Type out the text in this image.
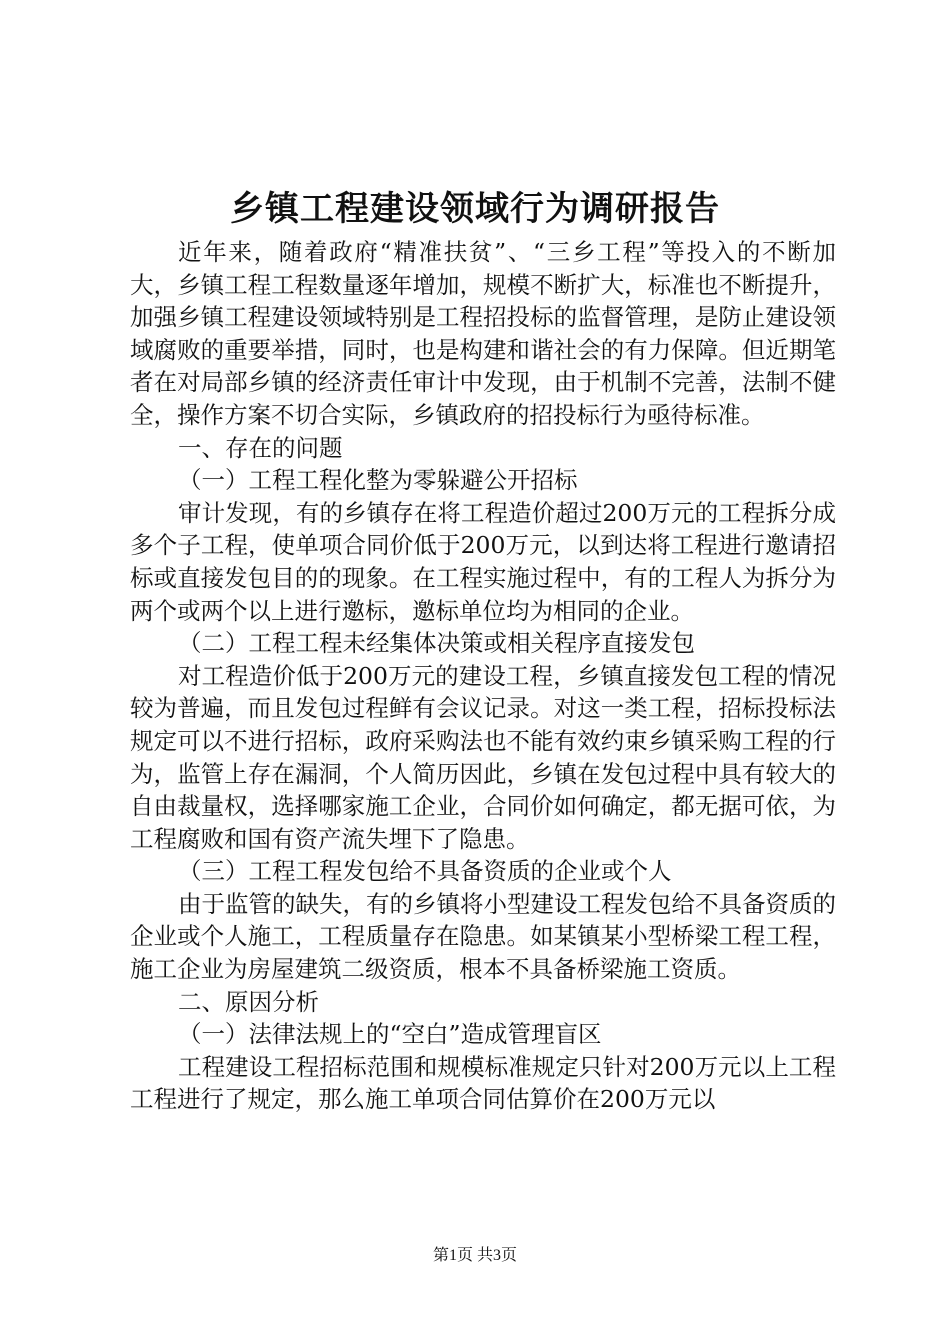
乡镇工程建设领域行为调研报告

近年来，随着政府“精准扶贫”、“三乡工程”等投入的不断加大，乡镇工程工程数量逐年增加，规模不断扩大，标准也不断提升，加强乡镇工程建设领域特别是工程招投标的监督管理，是防止建设领域腐败的重要举措，同时，也是构建和谐社会的有力保障。但近期笔者在对局部乡镇的经济责任审计中发现，由于机制不完善，法制不健全，操作方案不切合实际，乡镇政府的招投标行为亟待标准。

一、存在的问题

（一）工程工程化整为零躲避公开招标

审计发现，有的乡镇存在将工程造价超过200万元的工程拆分成多个子工程，使单项合同价低于200万元，以到达将工程进行邀请招标或直接发包目的的现象。在工程实施过程中，有的工程人为拆分为两个或两个以上进行邀标，邀标单位均为相同的企业。

（二）工程工程未经集体决策或相关程序直接发包

对工程造价低于200万元的建设工程，乡镇直接发包工程的情况较为普遍，而且发包过程鲜有会议记录。对这一类工程，招标投标法规定可以不进行招标，政府采购法也不能有效约束乡镇采购工程的行为，监管上存在漏洞，个人简历因此，乡镇在发包过程中具有较大的自由裁量权，选择哪家施工企业，合同价如何确定，都无据可依，为工程腐败和国有资产流失埋下了隐患。

（三）工程工程发包给不具备资质的企业或个人

由于监管的缺失，有的乡镇将小型建设工程发包给不具备资质的企业或个人施工，工程质量存在隐患。如某镇某小型桥梁工程工程，施工企业为房屋建筑二级资质，根本不具备桥梁施工资质。

二、原因分析

（一）法律法规上的“空白”造成管理盲区

工程建设工程招标范围和规模标准规定只针对200万元以上工程工程进行了规定，那么施工单项合同估算价在200万元以

第1页 共3页
